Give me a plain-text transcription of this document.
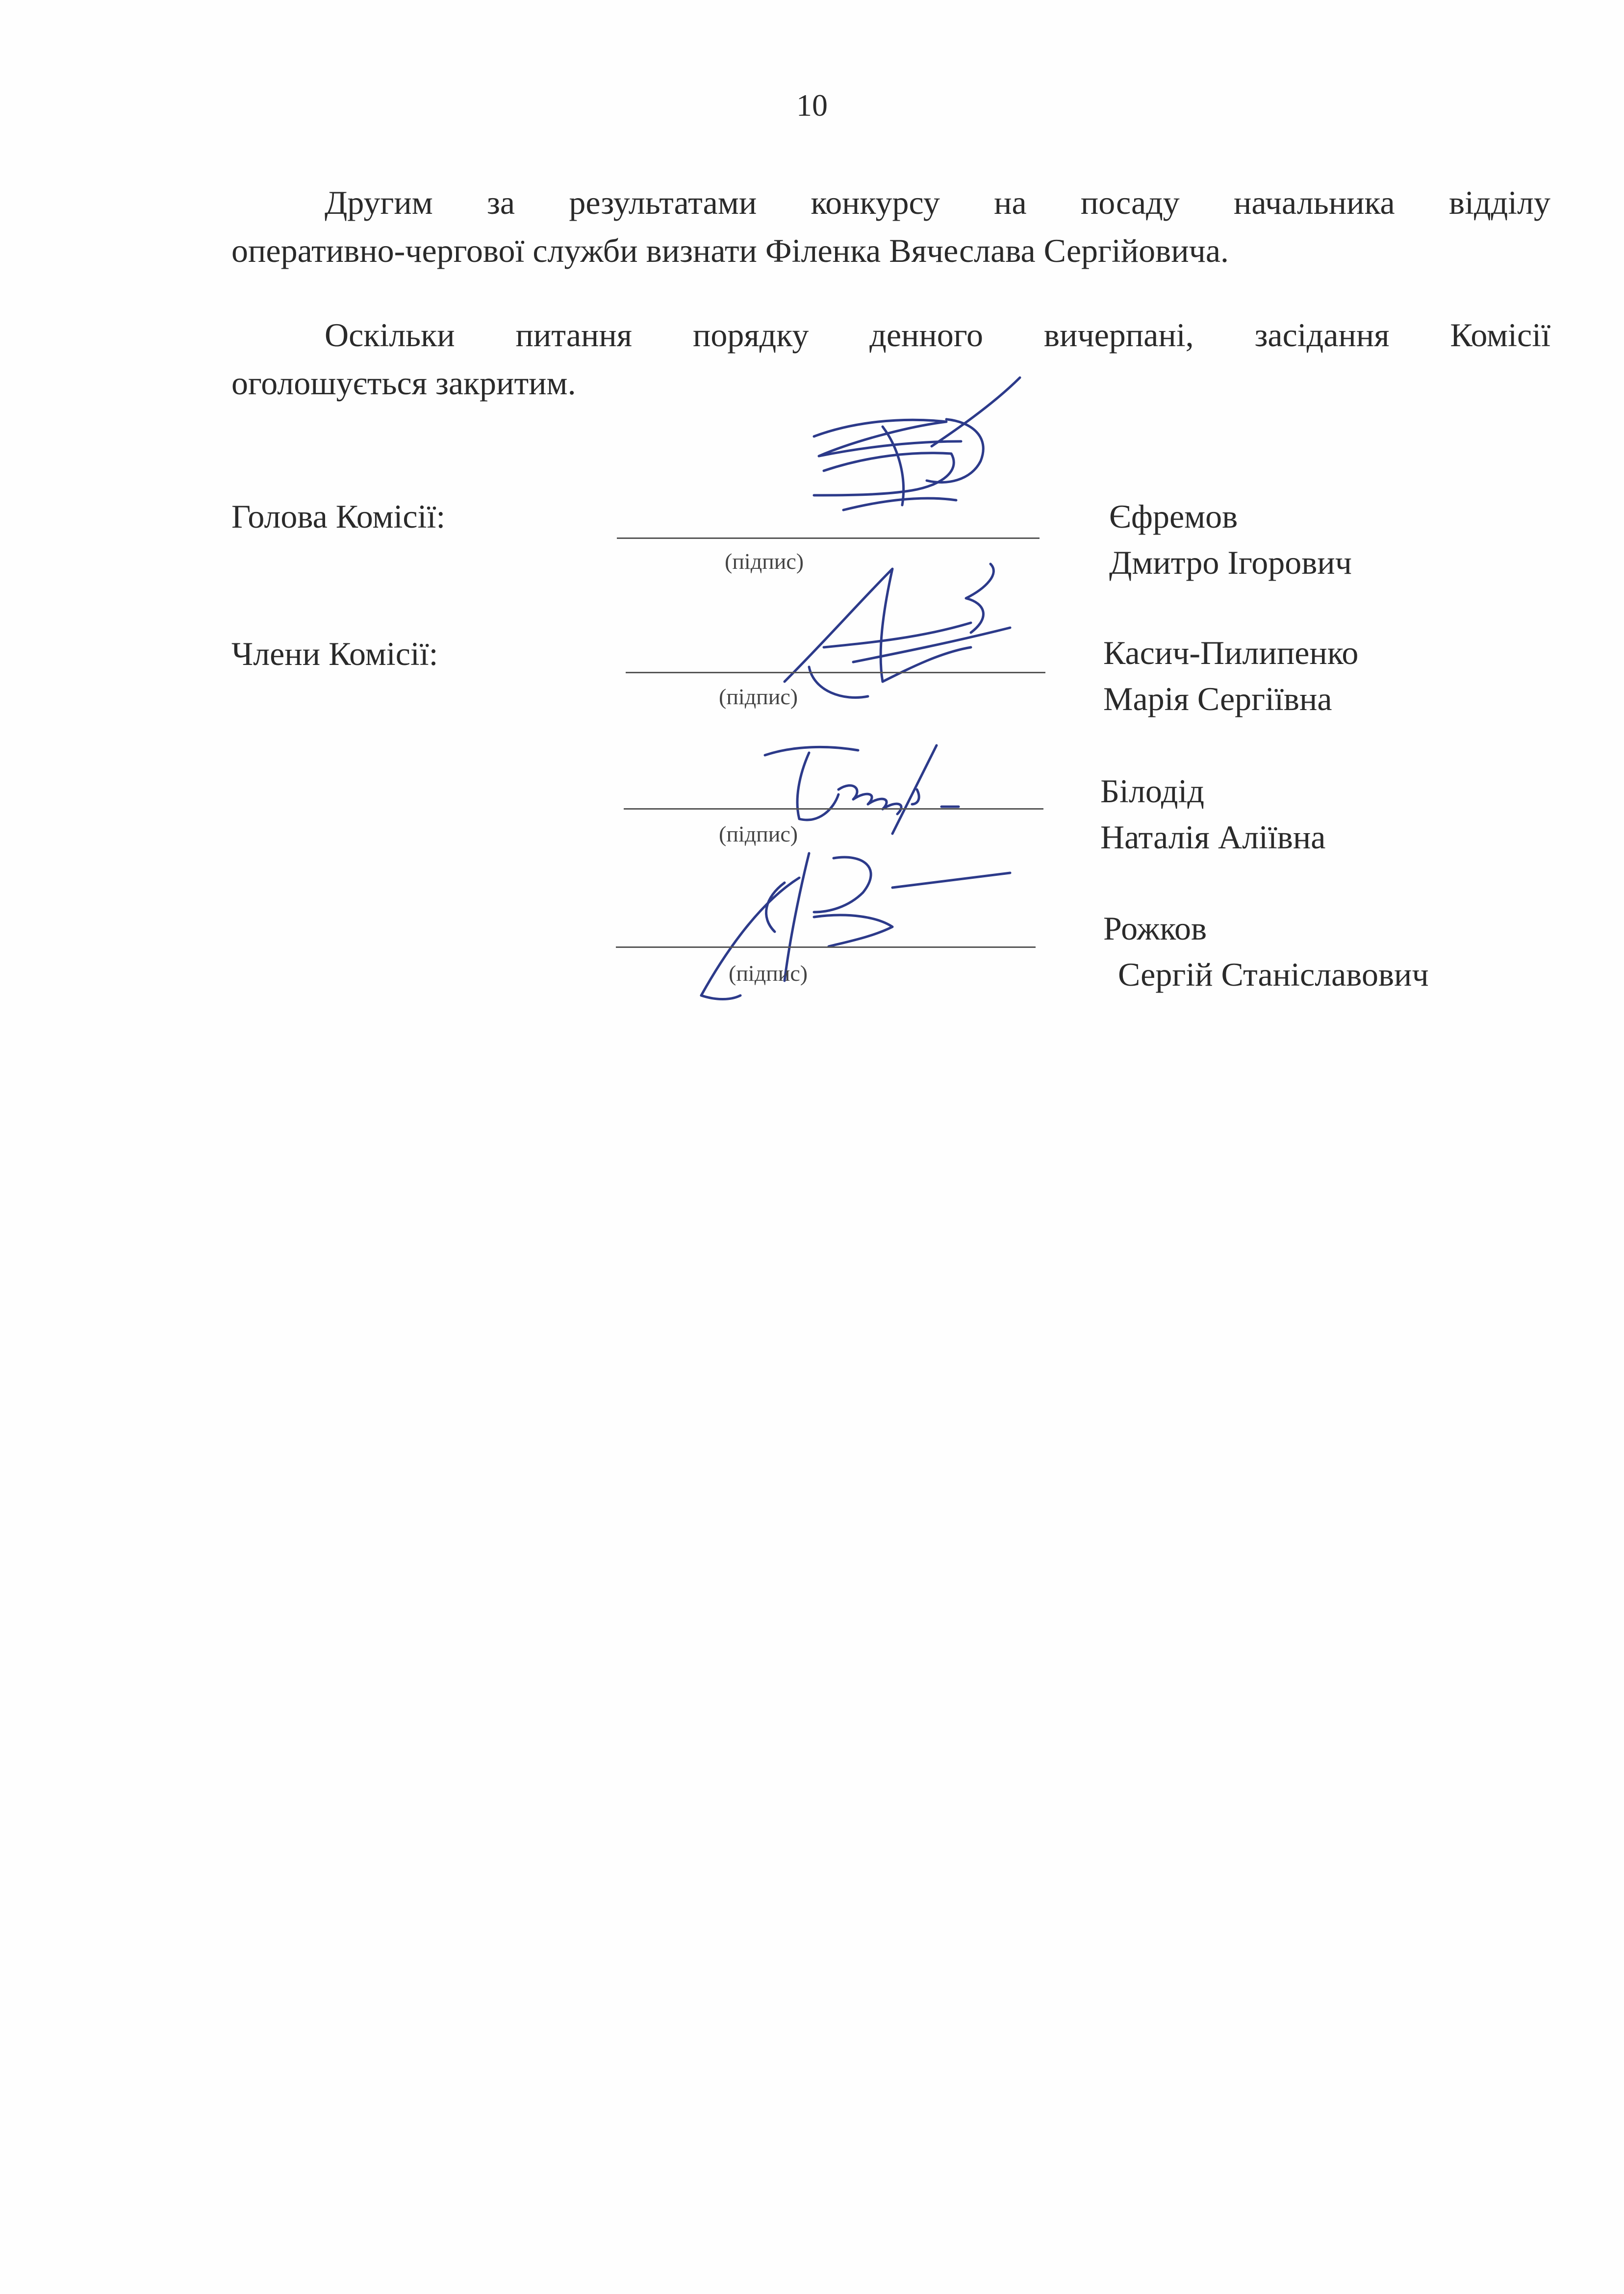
10

Другим за результатами конкурсу на посаду начальника відділу
оперативно-чергової служби визнати Філенка Вячеслава Сергійовича.

Оскільки питання порядку денного вичерпані, засідання Комісії
оголошується закритим.

Голова Комісії:
(підпис)
Єфремов
Дмитро Ігорович
Члени Комісії:
(підпис)
Касич-Пилипенко
Марія Сергіївна
(підпис)
Білодід
Наталія Аліївна
(підпис)
Рожков
Сергій Станіславович
